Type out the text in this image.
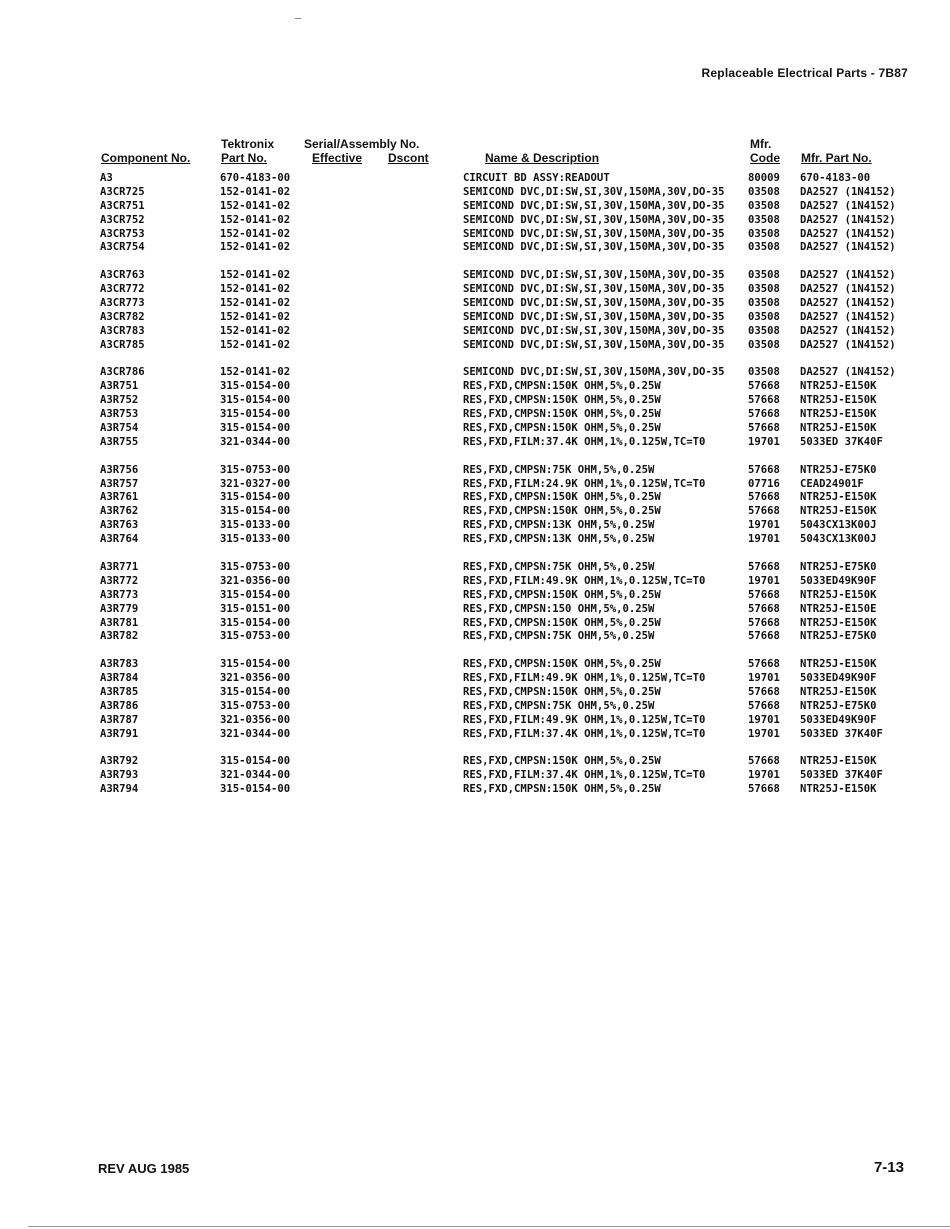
Replaceable Electrical Parts - 7B87
Tektronix Serial/Assembly No.	Mfr.
Component No.	Part No.	Effective Dscont	Name & Description	Code Mfr. Part No.
A3	670-4183-00	CIRCUIT BD ASSY:READOUT	80009 670-4183-00
A3CR725	152-0141-02	SEMICOND DVC,DI:SW,SI,30V,150MA,30V,DO-35 03508 DA2527 (1N4152)
A3CR751	152-0141-02	SEMICOND DVC,DI:SW,SI,30V,150MA,30V,DO-35 03508 DA2527 (1N4152)
A3CR752	152-0141-02	SEMICOND DVC,DI:SW,SI,30V,150MA,30V,DO-35 03508 DA2527 (1N4152)
A3CR753	152-0141-02	SEMICOND DVC,DI:SW,SI,30V,150MA,30V,DO-35 03508 DA2527 (1N4152)
A3CR754	152-0141-02	SEMICOND DVC,DI:SW,SI,30V,150MA,30V,DO-35 03508 DA2527 (1N4152)
A3CR763	152-0141-02	SEMICOND DVC,DI:SW,SI,30V,150MA,30V,DO-35 03508 DA2527 (1N4152)
A3CR772	152-0141-02	SEMICOND DVC,DI:SW,SI,30V,150MA,30V,DO-35 03508 DA2527 (1N4152)
A3CR773	152-0141-02	SEMICOND DVC,DI:SW,SI,30V,150MA,30V,DO-35 03508 DA2527 (1N4152)
A3CR782	152-0141-02	SEMICOND DVC,DI:SW,SI,30V,150MA,30V,DO-35 03508 DA2527 (1N4152)
A3CR783	152-0141-02	SEMICOND DVC,DI:SW,SI,30V,150MA,30V,DO-35 03508 DA2527 (1N4152)
A3CR785	152-0141-02	SEMICOND DVC,DI:SW,SI,30V,150MA,30V,DO-35 03508 DA2527 (1N4152)
A3CR786	152-0141-02	SEMICOND DVC,DI:SW,SI,30V,150MA,30V,DO-35 03508 DA2527 (1N4152)
A3R751	315-0154-00	RES,FXD,CMPSN:150K OHM,5%,0.25W	57668 NTR25J-E150K
A3R752	315-0154-00	RES,FXD,CMPSN:150K OHM,5%,0.25W	57668 NTR25J-E150K
A3R753	315-0154-00	RES,FXD,CMPSN:150K OHM,5%,0.25W	57668 NTR25J-E150K
A3R754	315-0154-00	RES,FXD,CMPSN:150K OHM,5%,0.25W	57668 NTR25J-E150K
A3R755	321-0344-00	RES,FXD,FILM:37.4K OHM,1%,0.125W,TC=T0	19701 5033ED 37K40F
A3R756	315-0753-00	RES,FXD,CMPSN:75K OHM,5%,0.25W	57668 NTR25J-E75K0
A3R757	321-0327-00	RES,FXD,FILM:24.9K OHM,1%,0.125W,TC=T0	07716 CEAD24901F
A3R761	315-0154-00	RES,FXD,CMPSN:150K OHM,5%,0.25W	57668 NTR25J-E150K
A3R762	315-0154-00	RES,FXD,CMPSN:150K OHM,5%,0.25W	57668 NTR25J-E150K
A3R763	315-0133-00	RES,FXD,CMPSN:13K OHM,5%,0.25W	19701 5043CX13K00J
A3R764	315-0133-00	RES,FXD,CMPSN:13K OHM,5%,0.25W	19701 5043CX13K00J
A3R771	315-0753-00	RES,FXD,CMPSN:75K OHM,5%,0.25W	57668 NTR25J-E75K0
A3R772	321-0356-00	RES,FXD,FILM:49.9K OHM,1%,0.125W,TC=T0	19701 5033ED49K90F
A3R773	315-0154-00	RES,FXD,CMPSN:150K OHM,5%,0.25W	57668 NTR25J-E150K
A3R779	315-0151-00	RES,FXD,CMPSN:150 OHM,5%,0.25W	57668 NTR25J-E150E
A3R781	315-0154-00	RES,FXD,CMPSN:150K OHM,5%,0.25W	57668 NTR25J-E150K
A3R782	315-0753-00	RES,FXD,CMPSN:75K OHM,5%,0.25W	57668 NTR25J-E75K0
A3R783	315-0154-00	RES,FXD,CMPSN:150K OHM,5%,0.25W	57668 NTR25J-E150K
A3R784	321-0356-00	RES,FXD,FILM:49.9K OHM,1%,0.125W,TC=T0	19701 5033ED49K90F
A3R785	315-0154-00	RES,FXD,CMPSN:150K OHM,5%,0.25W	57668 NTR25J-E150K
A3R786	315-0753-00	RES,FXD,CMPSN:75K OHM,5%,0.25W	57668 NTR25J-E75K0
A3R787	321-0356-00	RES,FXD,FILM:49.9K OHM,1%,0.125W,TC=T0	19701 5033ED49K90F
A3R791	321-0344-00	RES,FXD,FILM:37.4K OHM,1%,0.125W,TC=T0	19701 5033ED 37K40F
A3R792	315-0154-00	RES,FXD,CMPSN:150K OHM,5%,0.25W	57668 NTR25J-E150K
A3R793	321-0344-00	RES,FXD,FILM:37.4K OHM,1%,0.125W,TC=T0	19701 5033ED 37K40F
A3R794	315-0154-00	RES,FXD,CMPSN:150K OHM,5%,0.25W	57668 NTR25J-E150K
REV AUG 1985	7-13
